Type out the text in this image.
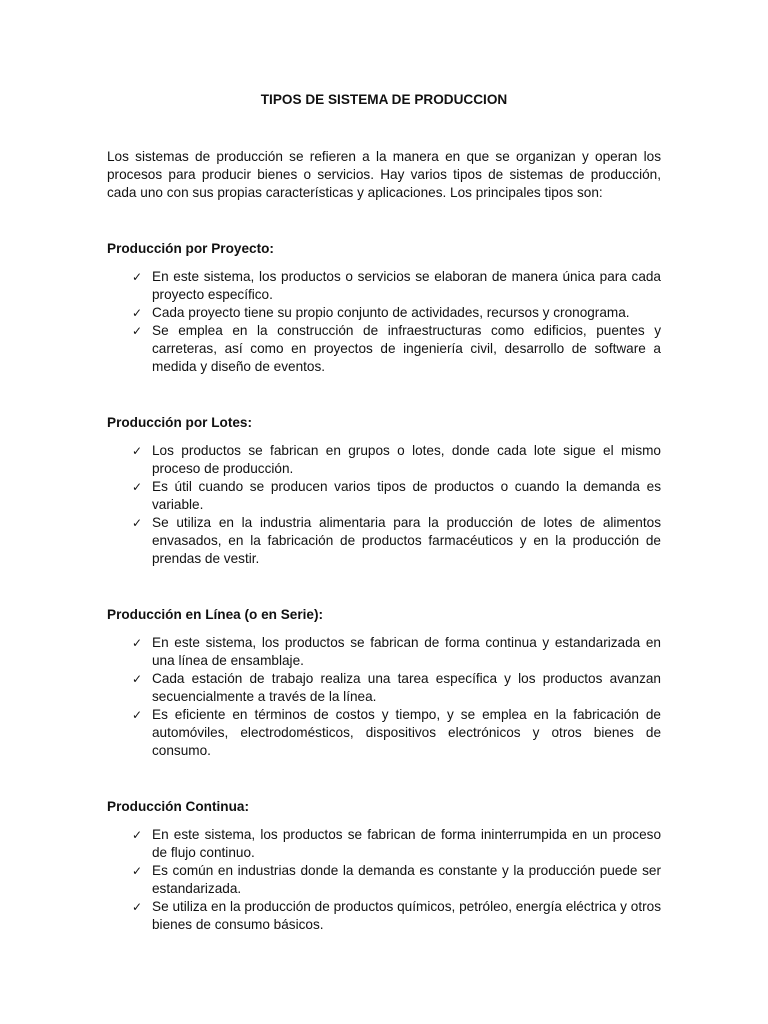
TIPOS DE SISTEMA DE PRODUCCION
Los sistemas de producción se refieren a la manera en que se organizan y operan los procesos para producir bienes o servicios. Hay varios tipos de sistemas de producción, cada uno con sus propias características y aplicaciones. Los principales tipos son:
Producción por Proyecto:
✓ En este sistema, los productos o servicios se elaboran de manera única para cada proyecto específico.
✓ Cada proyecto tiene su propio conjunto de actividades, recursos y cronograma.
✓ Se emplea en la construcción de infraestructuras como edificios, puentes y carreteras, así como en proyectos de ingeniería civil, desarrollo de software a medida y diseño de eventos.
Producción por Lotes:
✓ Los productos se fabrican en grupos o lotes, donde cada lote sigue el mismo proceso de producción.
✓ Es útil cuando se producen varios tipos de productos o cuando la demanda es variable.
✓ Se utiliza en la industria alimentaria para la producción de lotes de alimentos envasados, en la fabricación de productos farmacéuticos y en la producción de prendas de vestir.
Producción en Línea (o en Serie):
✓ En este sistema, los productos se fabrican de forma continua y estandarizada en una línea de ensamblaje.
✓ Cada estación de trabajo realiza una tarea específica y los productos avanzan secuencialmente a través de la línea.
✓ Es eficiente en términos de costos y tiempo, y se emplea en la fabricación de automóviles, electrodomésticos, dispositivos electrónicos y otros bienes de consumo.
Producción Continua:
✓ En este sistema, los productos se fabrican de forma ininterrumpida en un proceso de flujo continuo.
✓ Es común en industrias donde la demanda es constante y la producción puede ser estandarizada.
✓ Se utiliza en la producción de productos químicos, petróleo, energía eléctrica y otros bienes de consumo básicos.
